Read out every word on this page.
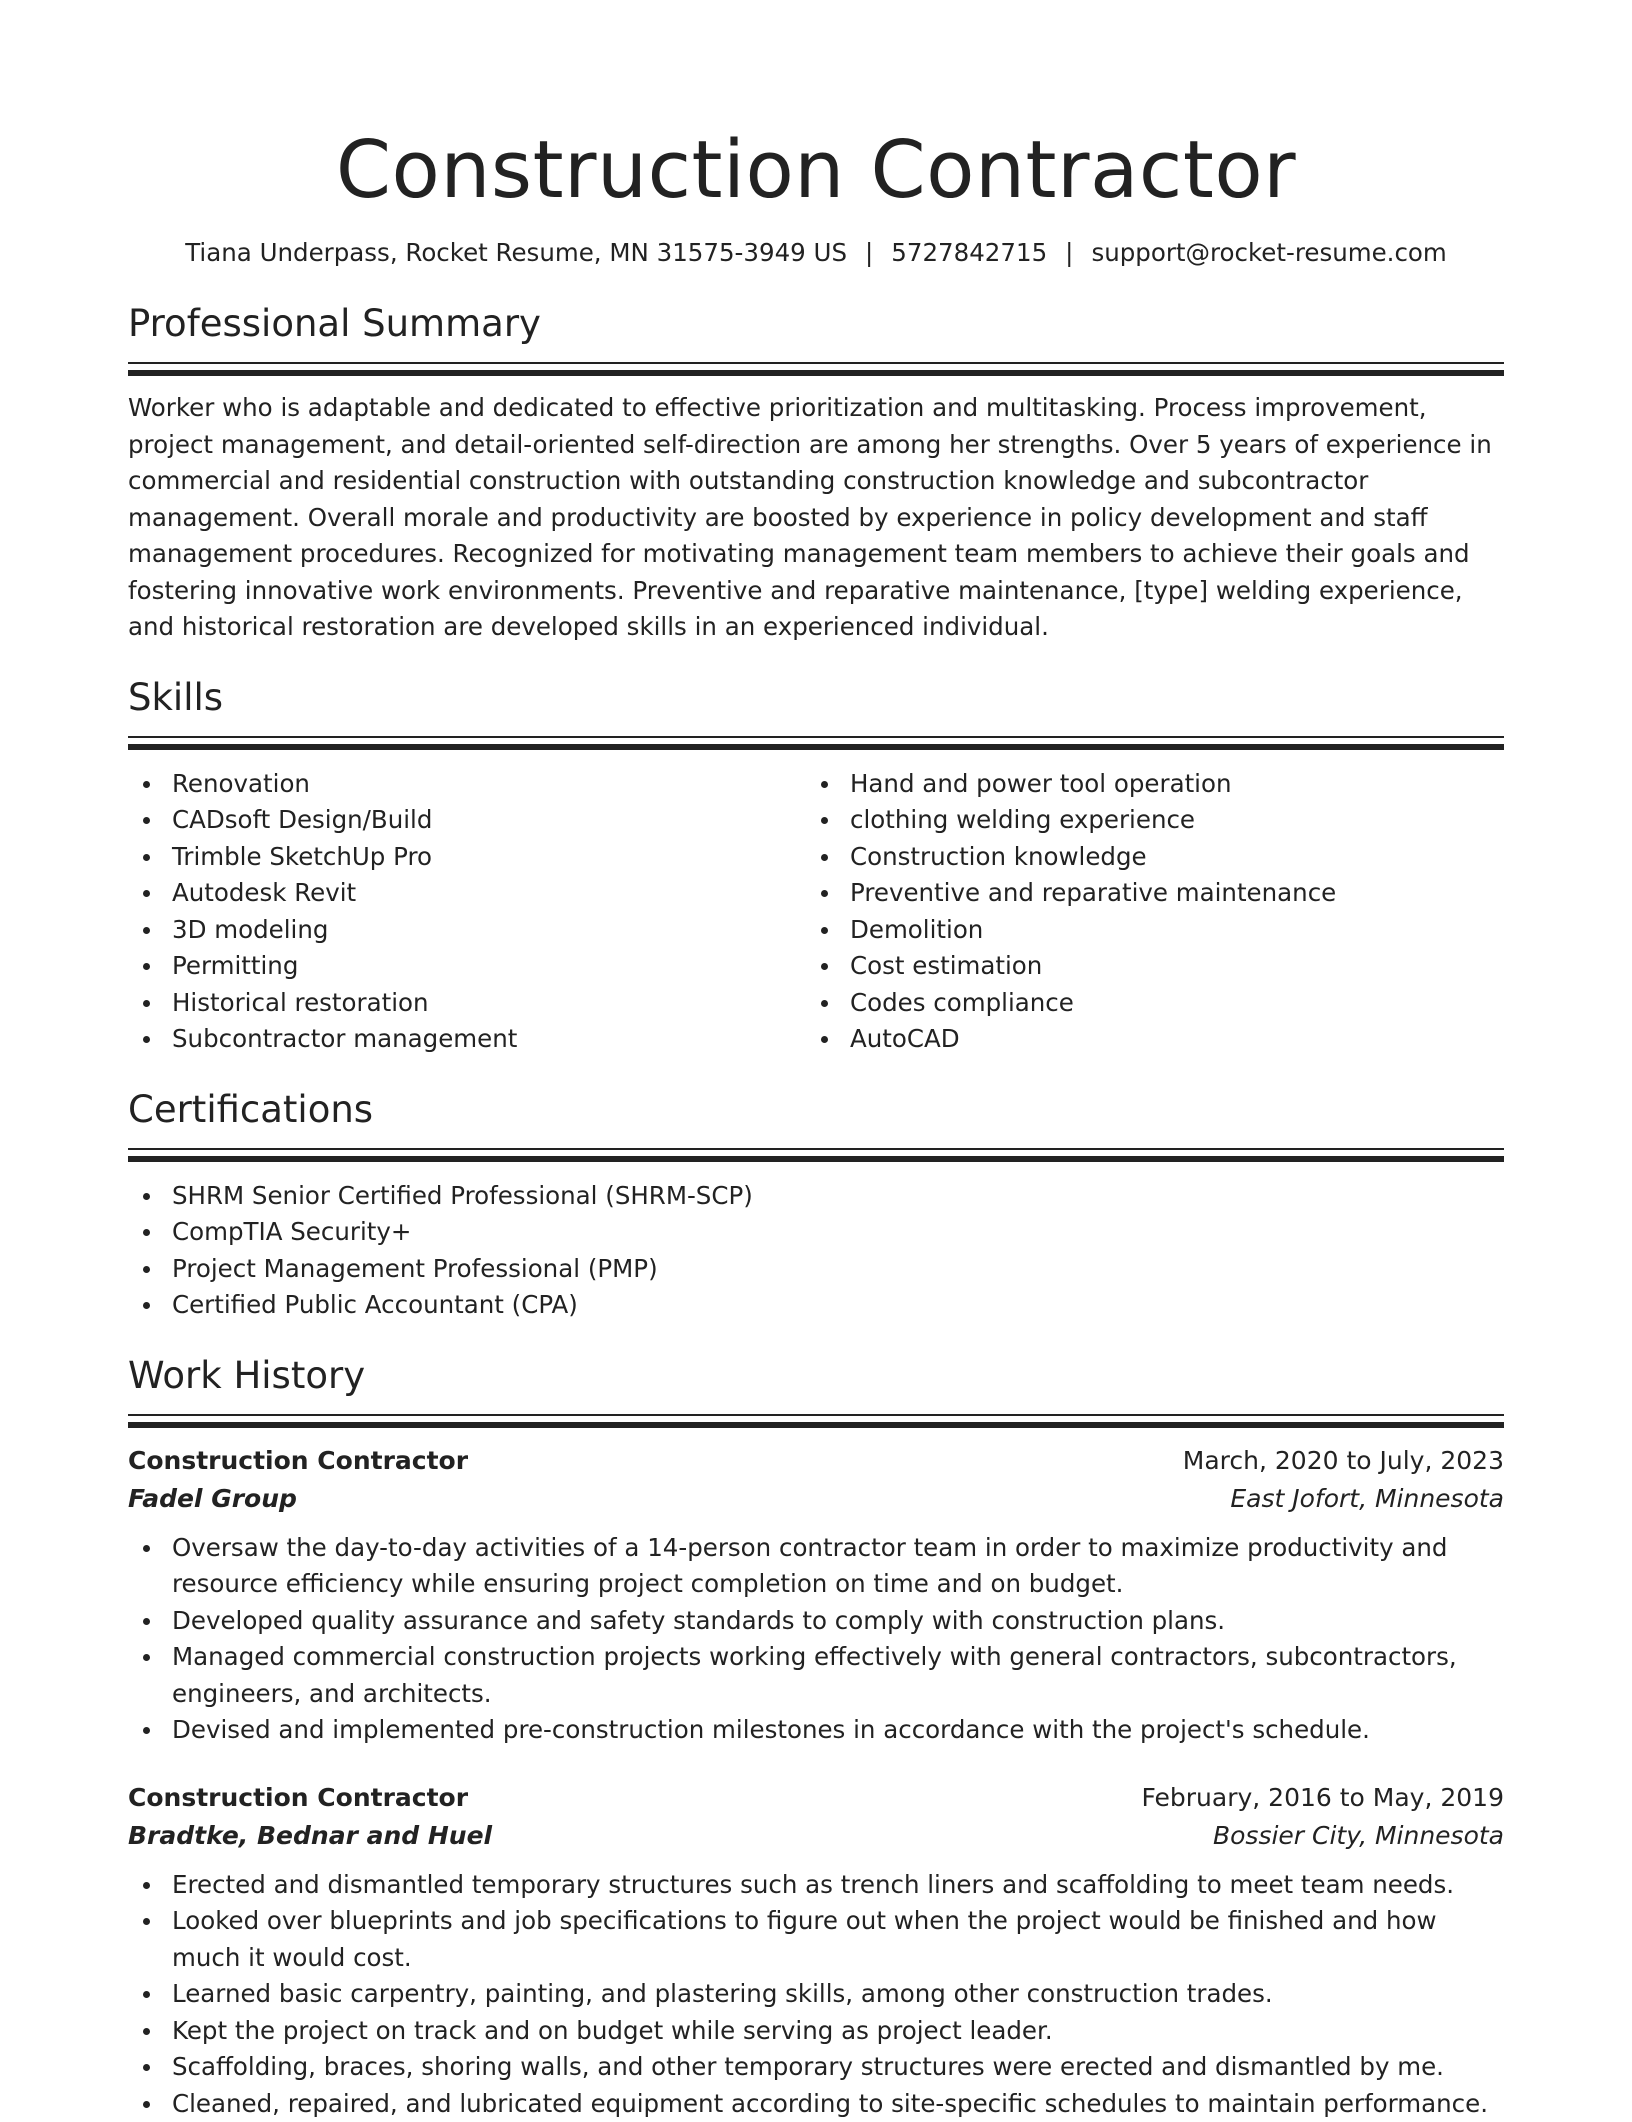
Construction Contractor
Tiana Underpass, Rocket Resume, MN 31575-3949 US | 5727842715 | support@rocket-resume.com
Professional Summary

Worker who is adaptable and dedicated to effective prioritization and multitasking. Process improvement, project management, and detail-oriented self-direction are among her strengths. Over 5 years of experience in commercial and residential construction with outstanding construction knowledge and subcontractor management. Overall morale and productivity are boosted by experience in policy development and staff management procedures. Recognized for motivating management team members to achieve their goals and fostering innovative work environments. Preventive and reparative maintenance, [type] welding experience, and historical restoration are developed skills in an experienced individual.

Skills
Renovation
CADsoft Design/Build
Trimble SketchUp Pro
Autodesk Revit
3D modeling
Permitting
Historical restoration
Subcontractor management
Hand and power tool operation
clothing welding experience
Construction knowledge
Preventive and reparative maintenance
Demolition
Cost estimation
Codes compliance
AutoCAD
Certifications
SHRM Senior Certified Professional (SHRM-SCP)
CompTIA Security+
Project Management Professional (PMP)
Certified Public Accountant (CPA)
Work History
Construction Contractor	March, 2020 to July, 2023
Fadel Group	East Jofort, Minnesota
Oversaw the day-to-day activities of a 14-person contractor team in order to maximize productivity and resource efficiency while ensuring project completion on time and on budget.
Developed quality assurance and safety standards to comply with construction plans.
Managed commercial construction projects working effectively with general contractors, subcontractors, engineers, and architects.
Devised and implemented pre-construction milestones in accordance with the project's schedule.
Construction Contractor	February, 2016 to May, 2019
Bradtke, Bednar and Huel	Bossier City, Minnesota
Erected and dismantled temporary structures such as trench liners and scaffolding to meet team needs.
Looked over blueprints and job specifications to figure out when the project would be finished and how much it would cost.
Learned basic carpentry, painting, and plastering skills, among other construction trades.
Kept the project on track and on budget while serving as project leader.
Scaffolding, braces, shoring walls, and other temporary structures were erected and dismantled by me.
Cleaned, repaired, and lubricated equipment according to site-specific schedules to maintain performance.
